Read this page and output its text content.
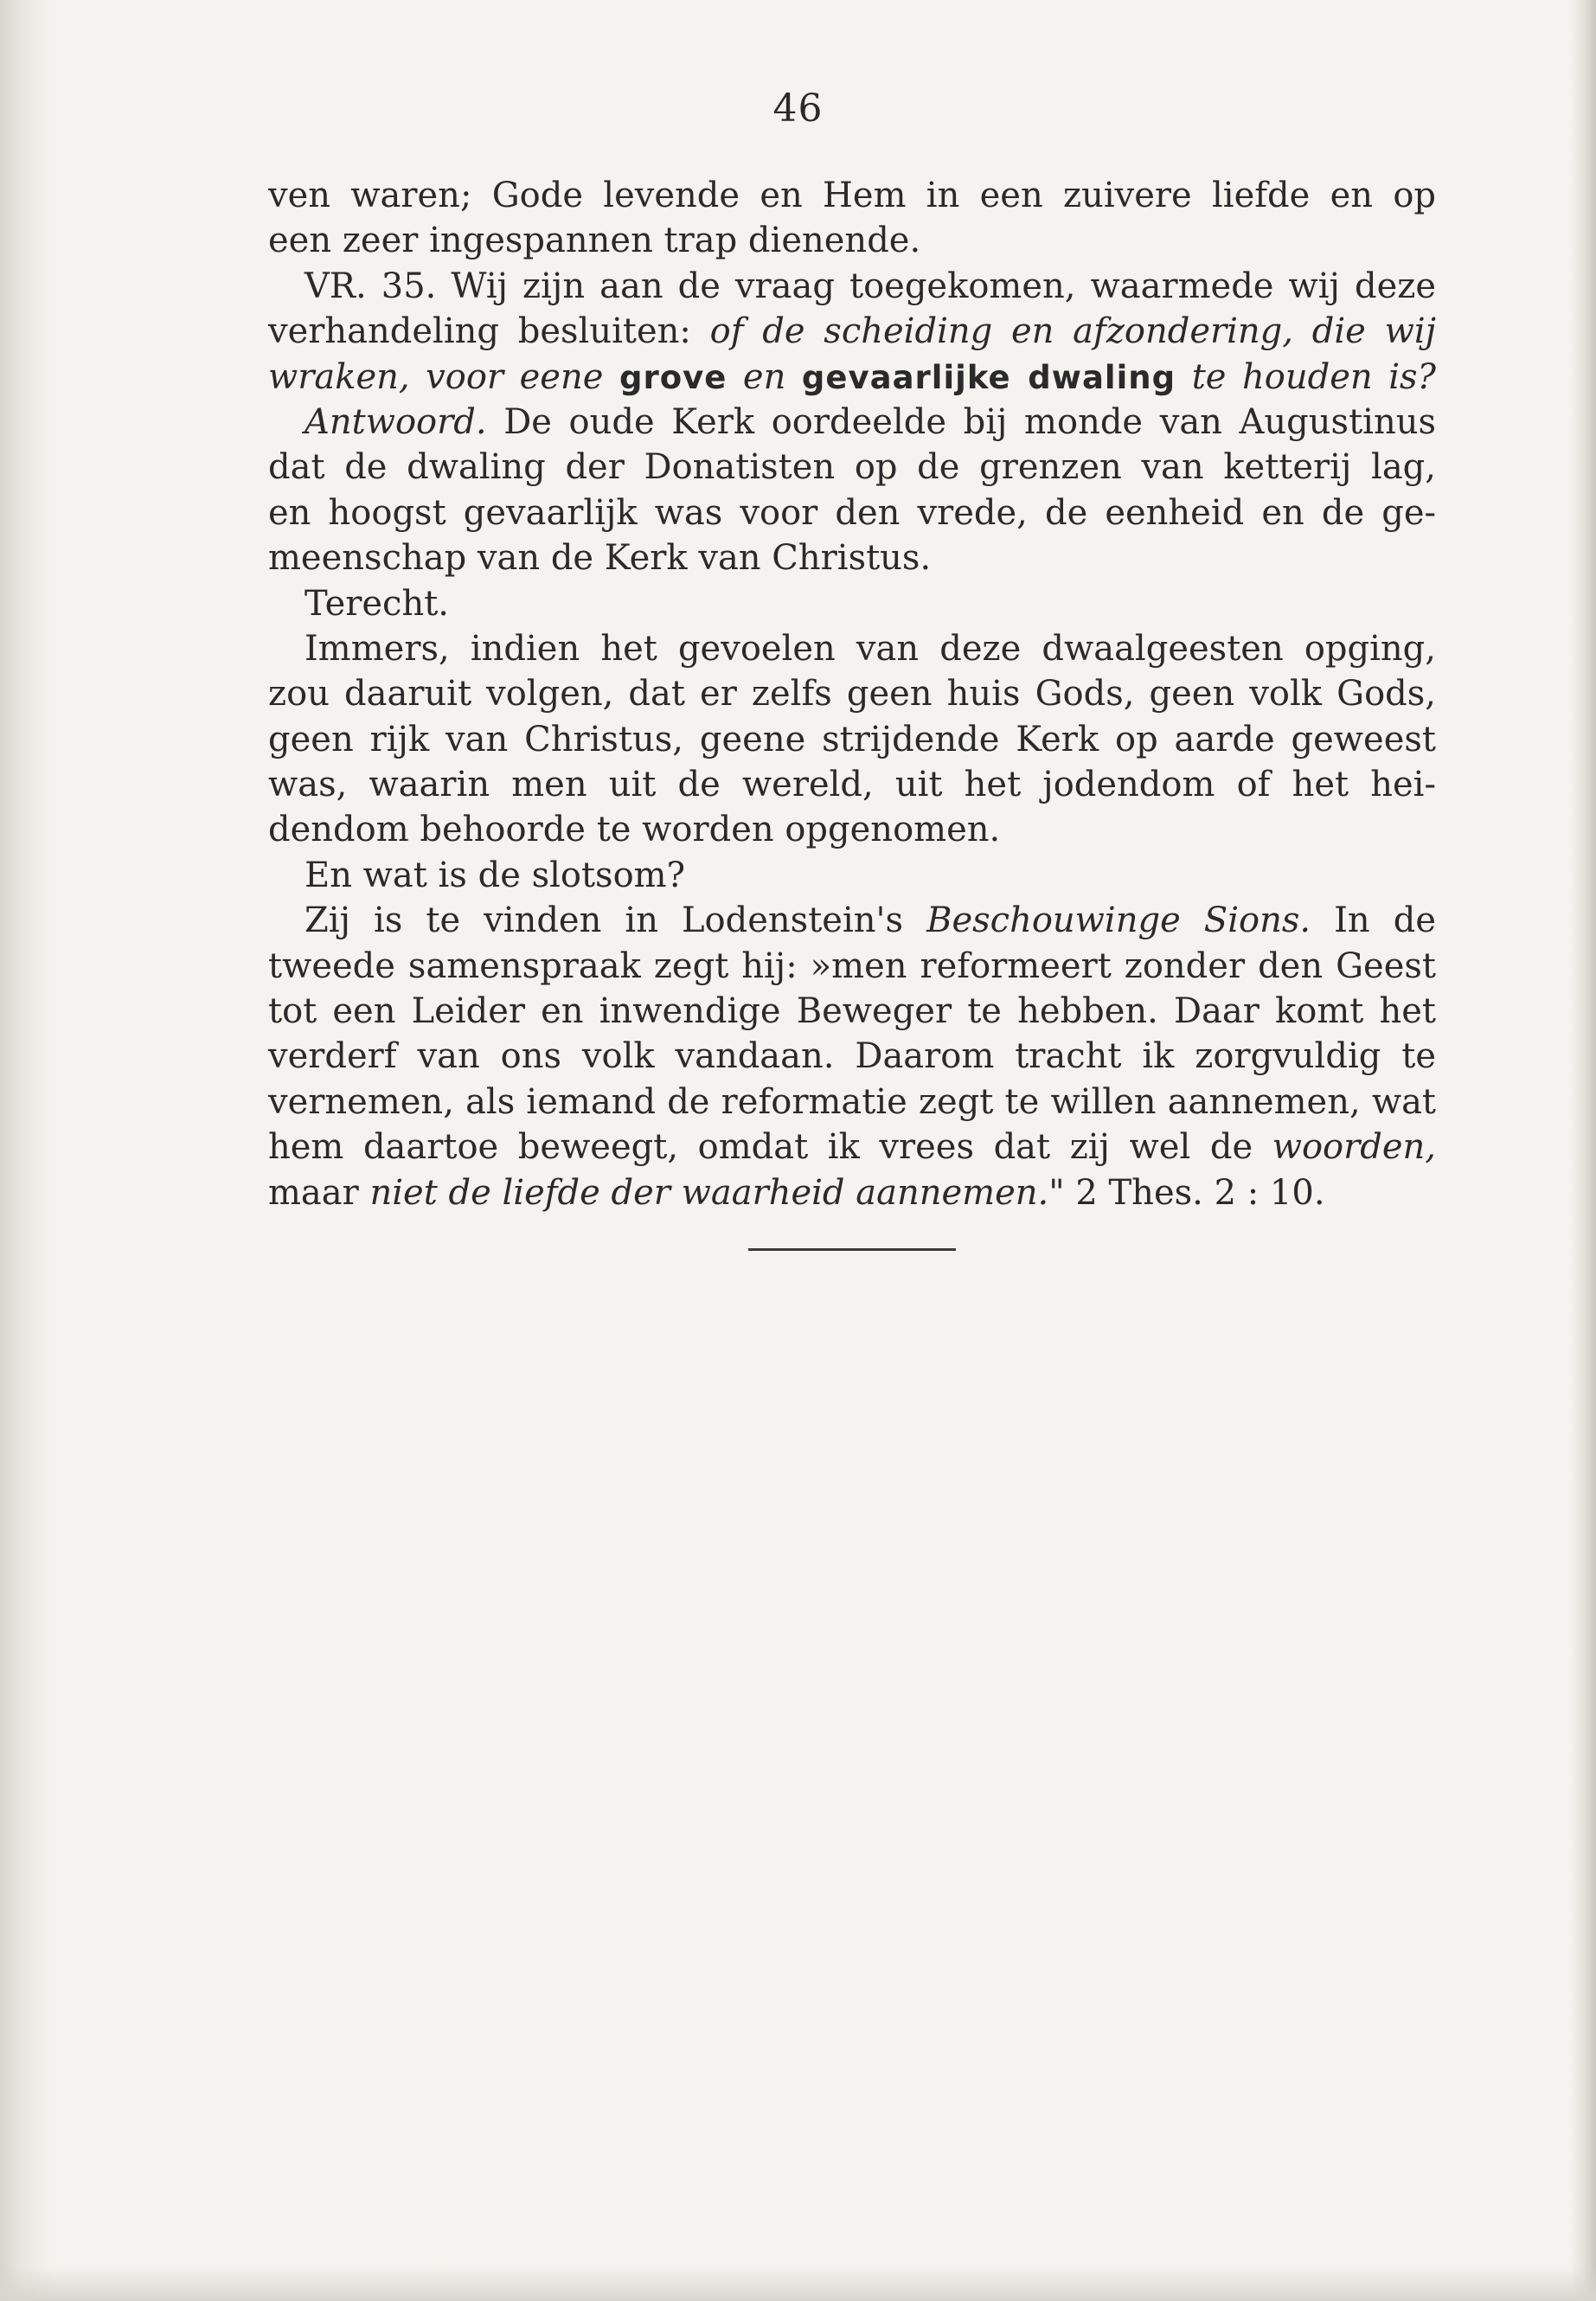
46
ven waren; Gode levende en Hem in een zuivere liefde en op
een zeer ingespannen trap dienende.
VR. 35. Wij zijn aan de vraag toegekomen, waarmede wij deze
verhandeling besluiten: of de scheiding en afzondering, die wij
wraken, voor eene grove en gevaarlijke dwaling te houden is?
Antwoord. De oude Kerk oordeelde bij monde van Augustinus
dat de dwaling der Donatisten op de grenzen van ketterij lag,
en hoogst gevaarlijk was voor den vrede, de eenheid en de ge-
meenschap van de Kerk van Christus.
Terecht.
Immers, indien het gevoelen van deze dwaalgeesten opging,
zou daaruit volgen, dat er zelfs geen huis Gods, geen volk Gods,
geen rijk van Christus, geene strijdende Kerk op aarde geweest
was, waarin men uit de wereld, uit het jodendom of het hei-
dendom behoorde te worden opgenomen.
En wat is de slotsom?
Zij is te vinden in Lodenstein's Beschouwinge Sions. In de
tweede samenspraak zegt hij: »men reformeert zonder den Geest
tot een Leider en inwendige Beweger te hebben. Daar komt het
verderf van ons volk vandaan. Daarom tracht ik zorgvuldig te
vernemen, als iemand de reformatie zegt te willen aannemen, wat
hem daartoe beweegt, omdat ik vrees dat zij wel de woorden,
maar niet de liefde der waarheid aannemen." 2 Thes. 2 : 10.
